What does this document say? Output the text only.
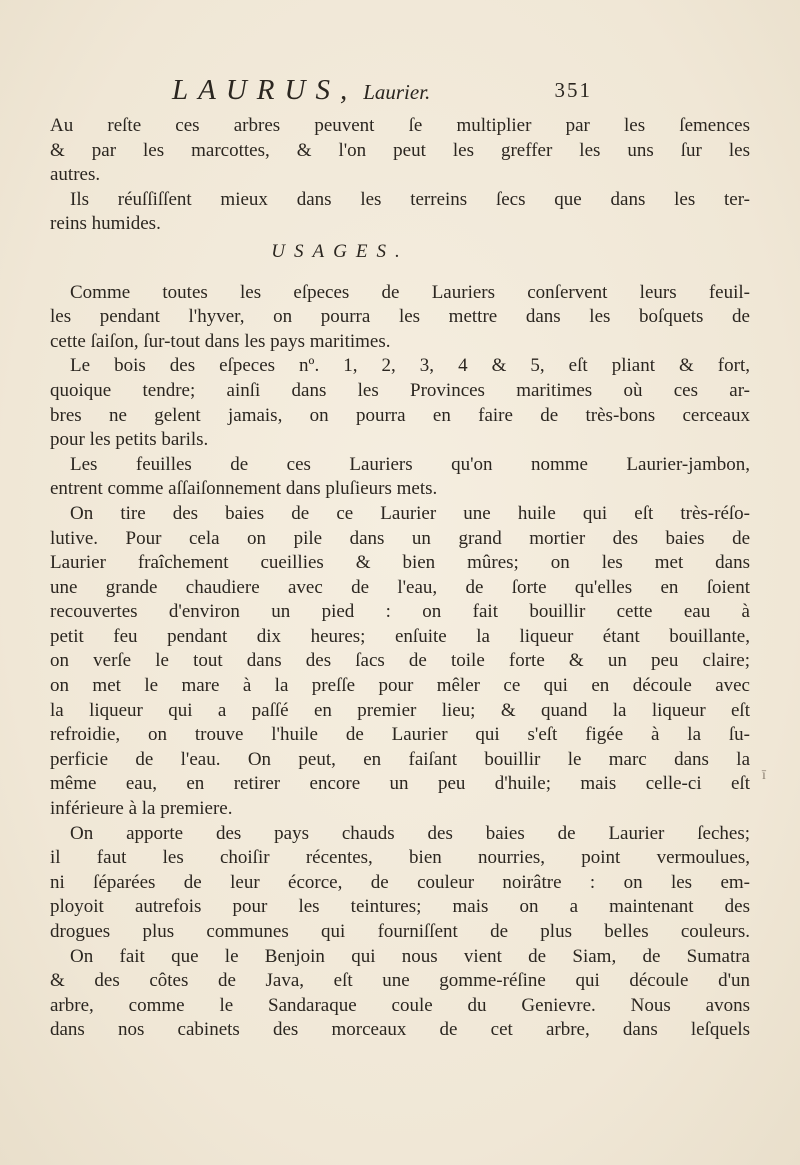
LAURUS, Laurier.	351
Au reſte ces arbres peuvent ſe multiplier par les ſemences
& par les marcottes, & l'on peut les greffer les uns ſur les
autres.
Ils réuſſiſſent mieux dans les terreins ſecs que dans les ter-
reins humides.
USAGES.
Comme toutes les eſpeces de Lauriers conſervent leurs feuil-
les pendant l'hyver, on pourra les mettre dans les boſquets de
cette ſaiſon, ſur-tout dans les pays maritimes.
Le bois des eſpeces nº. 1, 2, 3, 4 & 5, eſt pliant & fort,
quoique tendre; ainſi dans les Provinces maritimes où ces ar-
bres ne gelent jamais, on pourra en faire de très-bons cerceaux
pour les petits barils.
Les feuilles de ces Lauriers qu'on nomme Laurier-jambon,
entrent comme aſſaiſonnement dans pluſieurs mets.
On tire des baies de ce Laurier une huile qui eſt très-réſo-
lutive. Pour cela on pile dans un grand mortier des baies de
Laurier fraîchement cueillies & bien mûres; on les met dans
une grande chaudiere avec de l'eau, de ſorte qu'elles en ſoient
recouvertes d'environ un pied : on fait bouillir cette eau à
petit feu pendant dix heures; enſuite la liqueur étant bouillante,
on verſe le tout dans des ſacs de toile forte & un peu claire;
on met le mare à la preſſe pour mêler ce qui en découle avec
la liqueur qui a paſſé en premier lieu; & quand la liqueur eſt
refroidie, on trouve l'huile de Laurier qui s'eſt figée à la ſu-
perficie de l'eau. On peut, en faiſant bouillir le marc dans la
même eau, en retirer encore un peu d'huile; mais celle-ci eſt
inférieure à la premiere.
On apporte des pays chauds des baies de Laurier ſeches;
il faut les choiſir récentes, bien nourries, point vermoulues,
ni ſéparées de leur écorce, de couleur noirâtre : on les em-
ployoit autrefois pour les teintures; mais on a maintenant des
drogues plus communes qui fourniſſent de plus belles couleurs.
On fait que le Benjoin qui nous vient de Siam, de Sumatra
& des côtes de Java, eſt une gomme-réſine qui découle d'un
arbre, comme le Sandaraque coule du Genievre. Nous avons
dans nos cabinets des morceaux de cet arbre, dans leſquels
ī
